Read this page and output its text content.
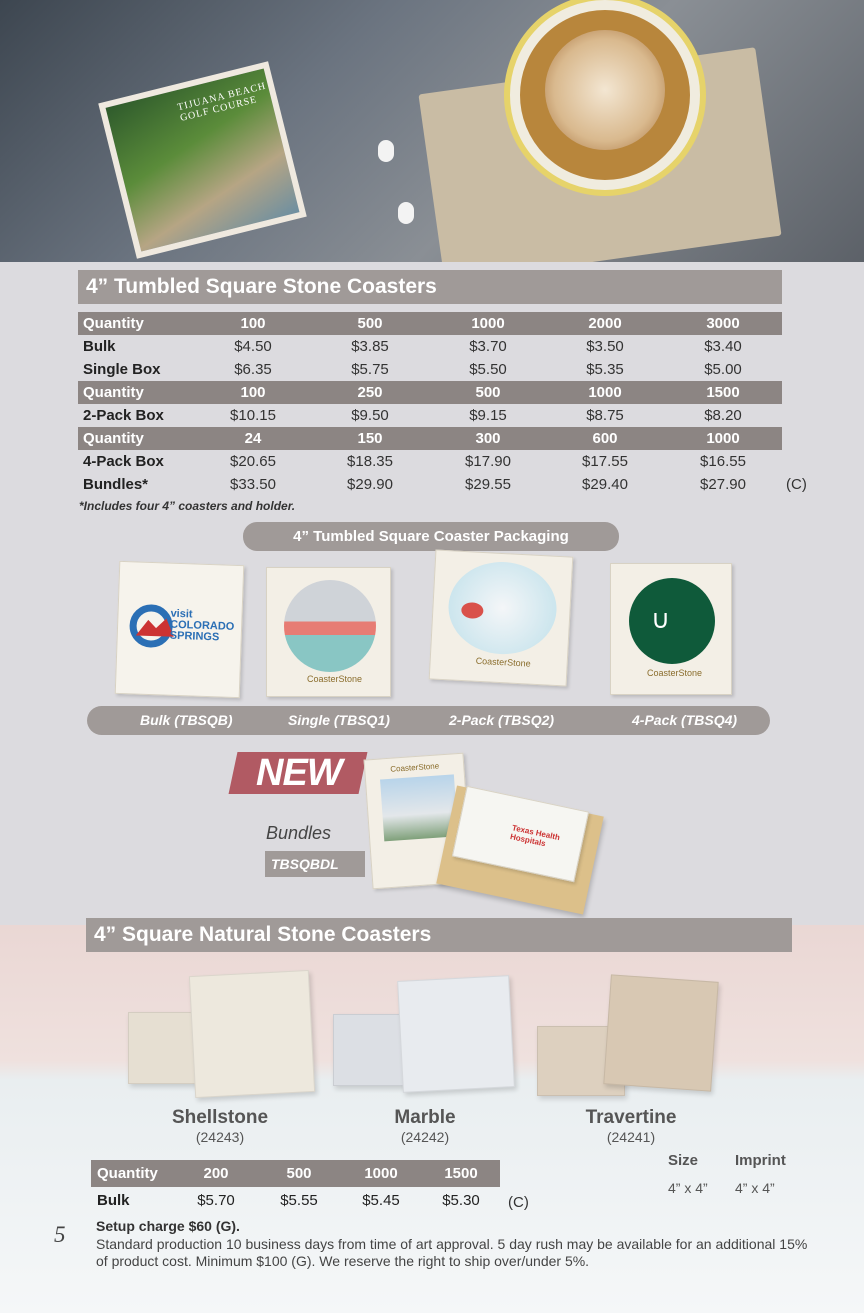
TIJUANA BEACH GOLF COURSE
4” Tumbled Square Stone Coasters
Quantity	100	500	1000	2000	3000
Bulk	$4.50	$3.85	$3.70	$3.50	$3.40
Single Box	$6.35	$5.75	$5.50	$5.35	$5.00
Quantity	100	250	500	1000	1500
2-Pack Box	$10.15	$9.50	$9.15	$8.75	$8.20
Quantity	24	150	300	600	1000
4-Pack Box	$20.65	$18.35	$17.90	$17.55	$16.55
Bundles*	$33.50	$29.90	$29.55	$29.40	$27.90	(C)
*Includes four 4” coasters and holder.
4” Tumbled Square Coaster Packaging
visit COLORADO SPRINGS
CoasterStone
CoasterStone
∪
CoasterStone
Bulk (TBSQB)	Single (TBSQ1)	2-Pack (TBSQ2)	4-Pack (TBSQ4)
NEW
Bundles
TBSQBDL
CoasterStone
Texas Health Hospitals
4” Square Natural Stone Coasters
Shellstone
(24243)
Marble
(24242)
Travertine
(24241)
Quantity	200	500	1000	1500
Bulk	$5.70	$5.55	$5.45	$5.30	(C)
Size Imprint
4” x 4” 4” x 4”
5 Setup charge $60 (G).
Standard production 10 business days from time of art approval. 5 day rush may be available for an additional 15% of product cost. Minimum $100 (G). We reserve the right to ship over/under 5%.
